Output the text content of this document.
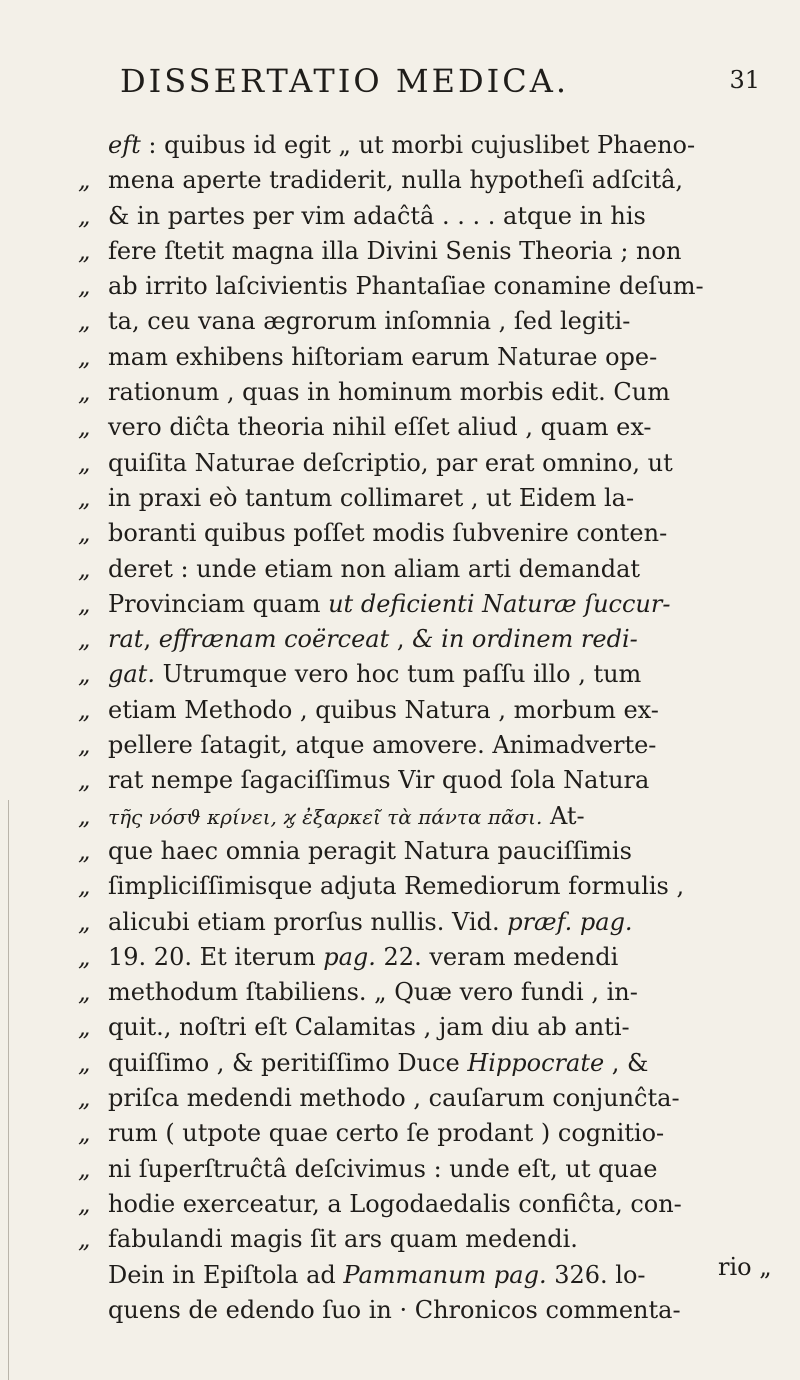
DISSERTATIO MEDICA.	31
eft : quibus id egit „ ut morbi cujuslibet Phaeno-
„ mena aperte tradiderit, nulla hypotheſi adſcitâ,
„ & in partes per vim adaĉtâ . . . . atque in his
„ fere ſtetit magna illa Divini Senis Theoria ; non
„ ab irrito laſcivientis Phantaſiae conamine deſum-
„ ta, ceu vana ægrorum inſomnia , ſed legiti-
„ mam exhibens hiſtoriam earum Naturae ope-
„ rationum , quas in hominum morbis edit. Cum
„ vero diĉta theoria nihil eſſet aliud , quam ex-
„ quiſita Naturae deſcriptio, par erat omnino, ut
„ in praxi eò tantum collimaret , ut Eidem la-
„ boranti quibus poſſet modis ſubvenire conten-
„ deret : unde etiam non aliam arti demandat
„ Provinciam quam ut deficienti Naturæ ſuccur-
„ rat, effrænam coërceat , & in ordinem redi-
„ gat. Utrumque vero hoc tum paſſu illo , tum
„ etiam Methodo , quibus Natura , morbum ex-
„ pellere ſatagit, atque amovere. Animadverte-
„ rat nempe ſagaciſſimus Vir quod ſola Natura
„ τῆς νόσϑ κρίνει, ϗ ἐξαρκεῖ τὰ πάντα πᾶσι. At-
„ que haec omnia peragit Natura pauciſſimis
„ ſimpliciſſimisque adjuta Remediorum formulis ,
„ alicubi etiam prorſus nullis. Vid. præf. pag.
„ 19. 20. Et iterum pag. 22. veram medendi
„ methodum ſtabiliens. „ Quæ vero fundi , in-
„ quit., noſtri eſt Calamitas , jam diu ab anti-
„ quiſſimo , & peritiſſimo Duce Hippocrate , &
„ priſca medendi methodo , cauſarum conjunĉta-
„ rum ( utpote quae certo ſe prodant ) cognitio-
„ ni ſuperſtruĉtâ deſcivimus : unde eſt, ut quae
„ hodie exerceatur, a Logodaedalis confiĉta, con-
„ fabulandi magis ſit ars quam medendi.
Dein in Epiſtola ad Pammanum pag. 326. lo-
quens de edendo ſuo in · Chronicos commenta-
rio „
